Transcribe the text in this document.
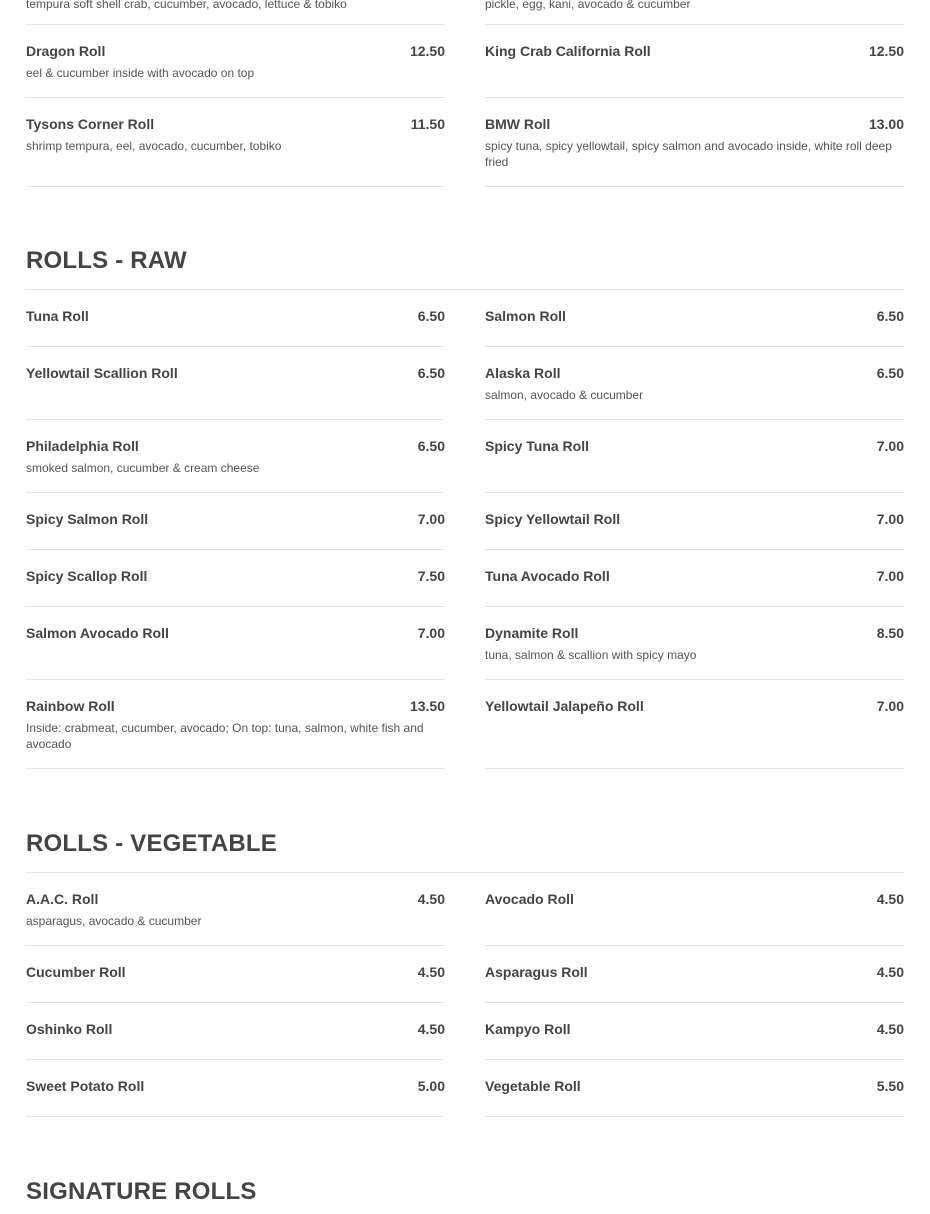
tempura soft shell crab, cucumber, avocado, lettuce & tobiko	pickle, egg, kani, avocado & cucumber
Dragon Roll	12.50
eel & cucumber inside with avocado on top
King Crab California Roll	12.50
Tysons Corner Roll	11.50
shrimp tempura, eel, avocado, cucumber, tobiko
BMW Roll	13.00
spicy tuna, spicy yellowtail, spicy salmon and avocado inside, white roll deep fried
ROLLS - RAW
Tuna Roll	6.50	Salmon Roll	6.50
Yellowtail Scallion Roll	6.50	Alaska Roll	6.50
salmon, avocado & cucumber
Philadelphia Roll	6.50
smoked salmon, cucumber & cream cheese
Spicy Tuna Roll	7.00
Spicy Salmon Roll	7.00	Spicy Yellowtail Roll	7.00
Spicy Scallop Roll	7.50	Tuna Avocado Roll	7.00
Salmon Avocado Roll	7.00	Dynamite Roll	8.50
tuna, salmon & scallion with spicy mayo
Rainbow Roll	13.50
Inside: crabmeat, cucumber, avocado; On top: tuna, salmon, white fish and avocado
Yellowtail Jalapeño Roll	7.00
ROLLS - VEGETABLE
A.A.C. Roll	4.50
asparagus, avocado & cucumber
Avocado Roll	4.50
Cucumber Roll	4.50	Asparagus Roll	4.50
Oshinko Roll	4.50	Kampyo Roll	4.50
Sweet Potato Roll	5.00	Vegetable Roll	5.50
SIGNATURE ROLLS
